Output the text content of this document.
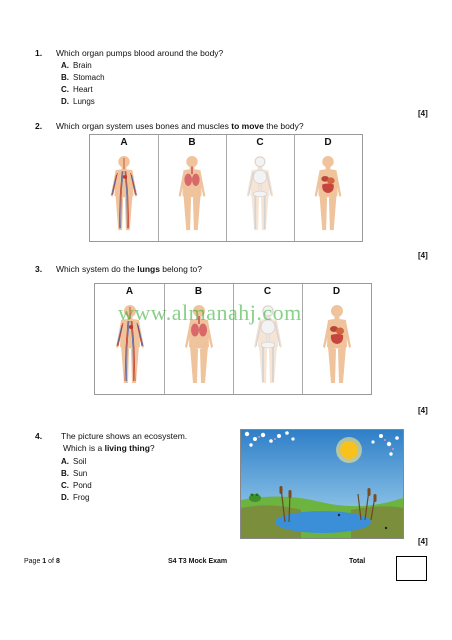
1. Which organ pumps blood around the body?
A. Brain
B. Stomach
C. Heart
D. Lungs
[4]
2. Which organ system uses bones and muscles to move the body?
A	B	C	D
[4]
3. Which system do the lungs belong to?
A	B	C	D
www.almanahj.com
[4]
4. The picture shows an ecosystem.
Which is a living thing?
A. Soil
B. Sun
C. Pond
D. Frog
[4]
Page 1 of 8	S4 T3 Mock Exam	Total
